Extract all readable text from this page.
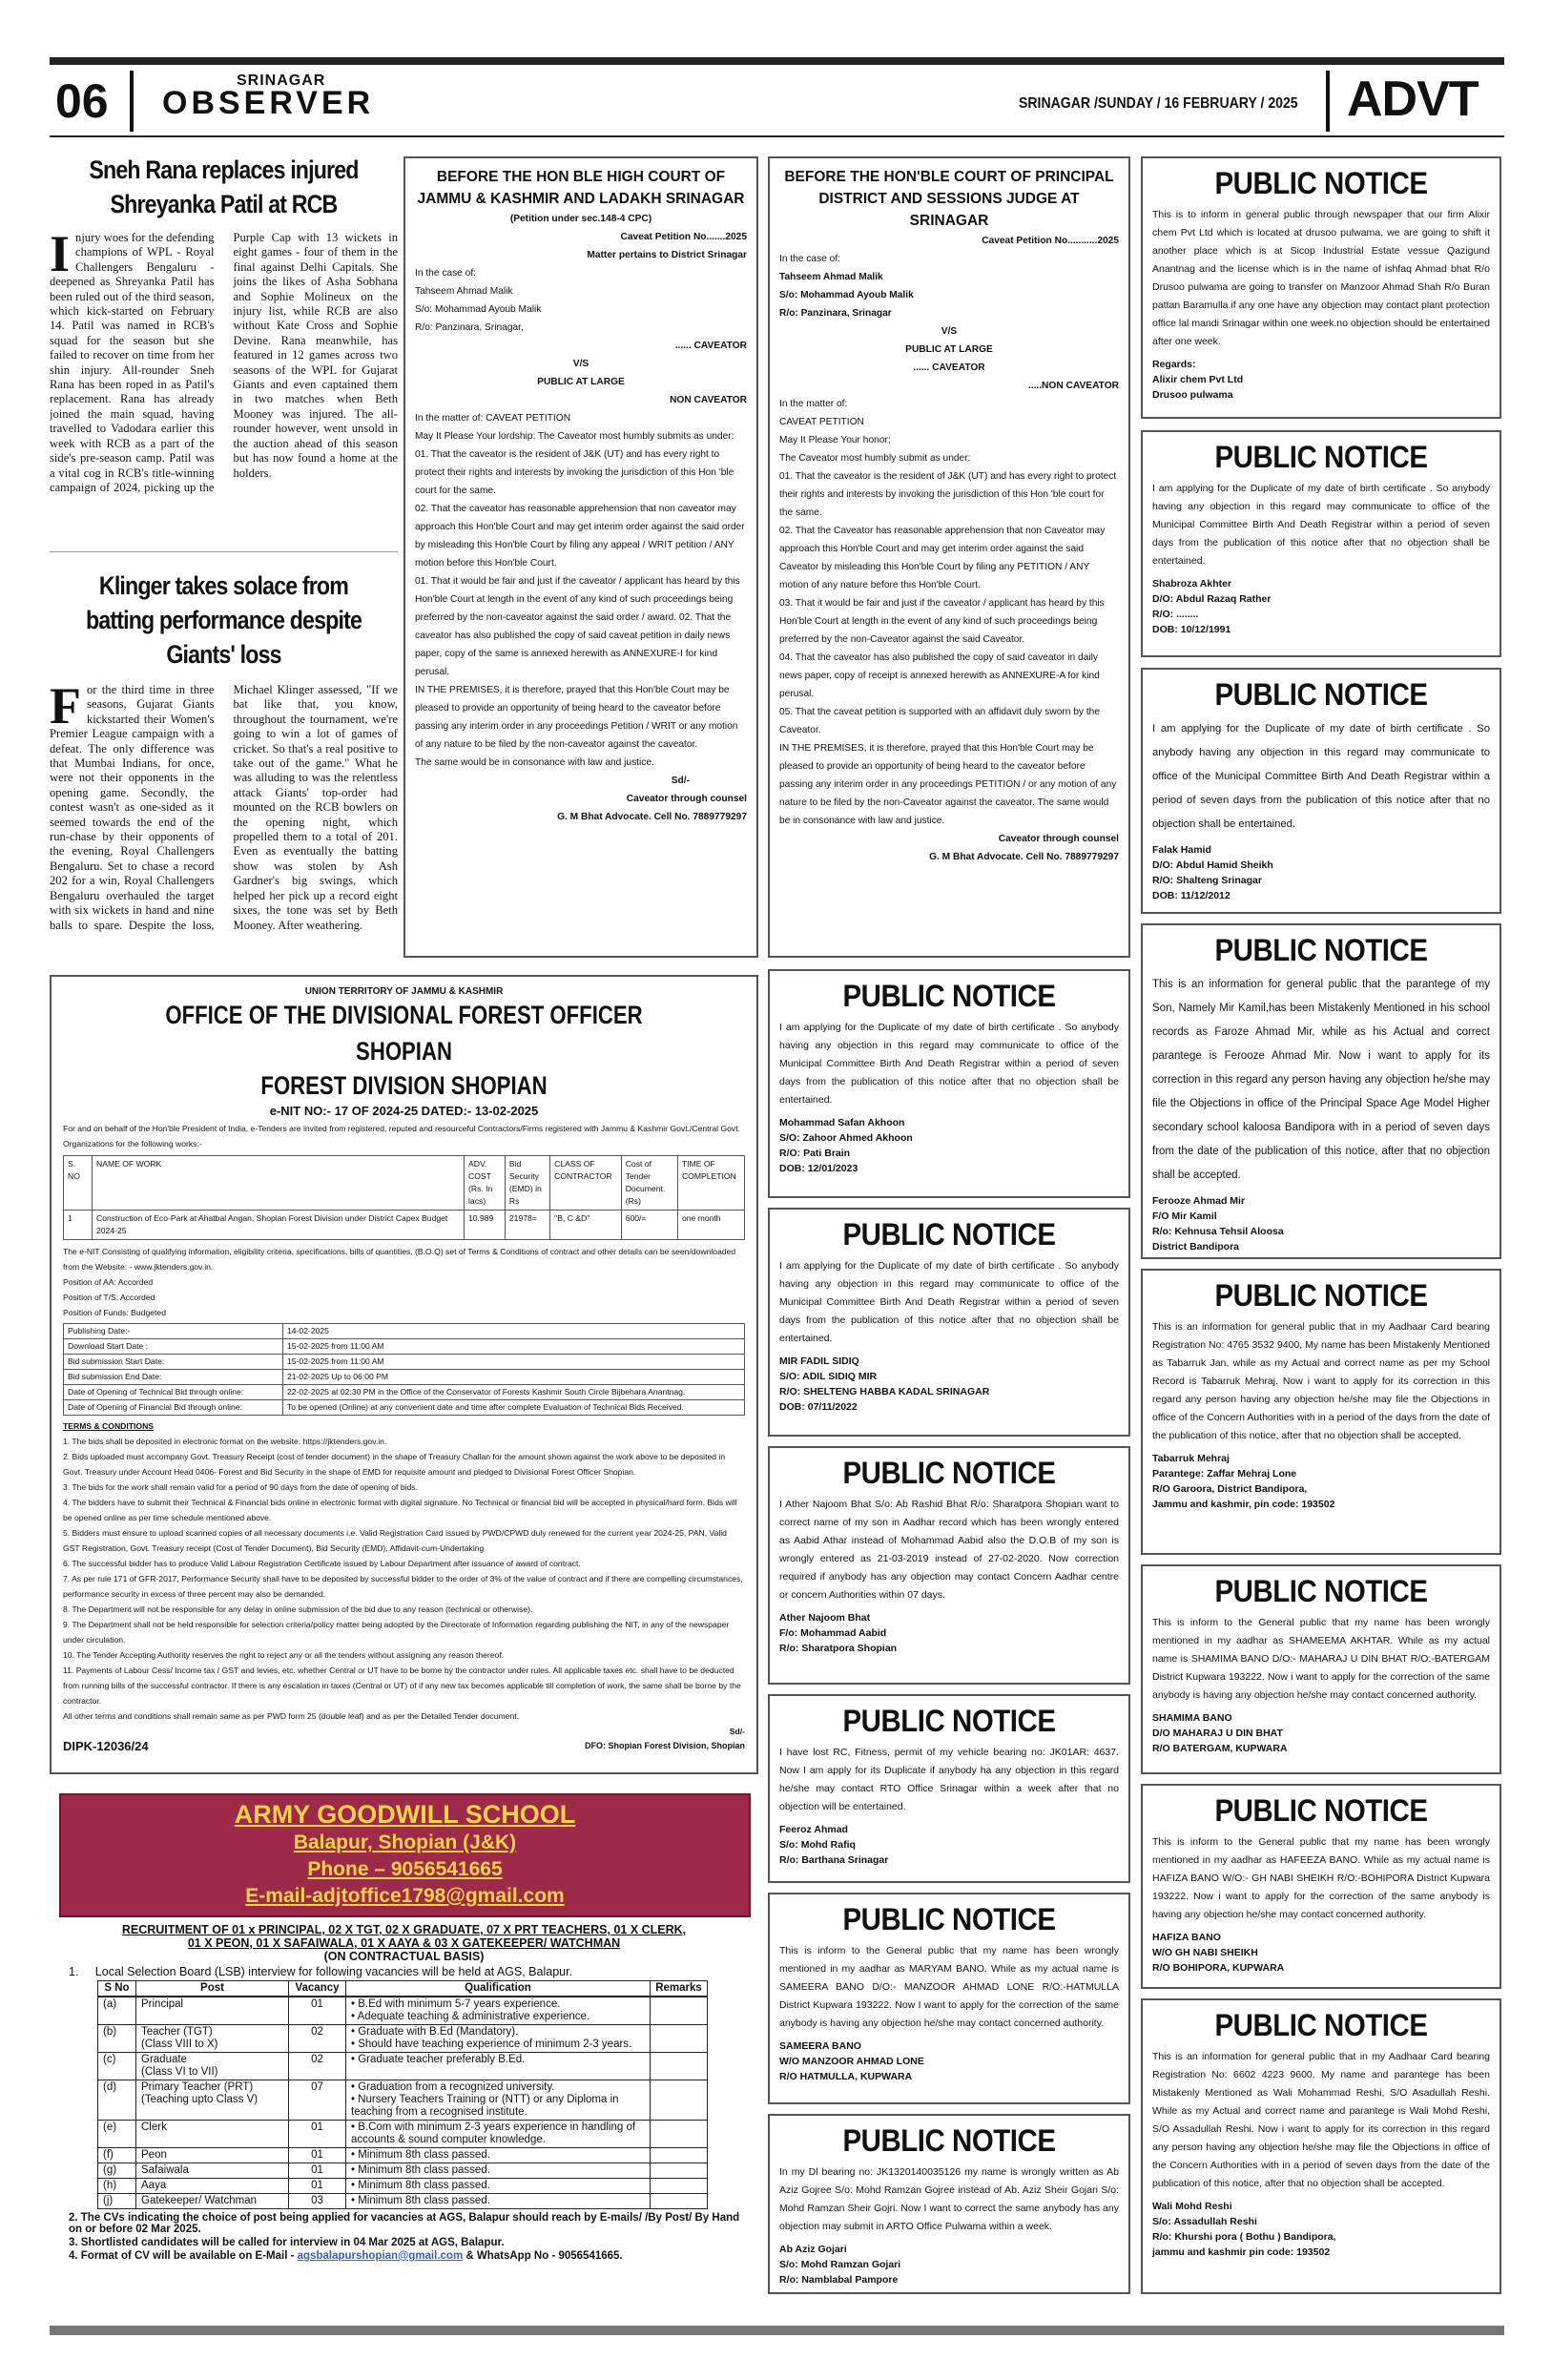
06	SRINAGAR
OBSERVER	SRINAGAR /SUNDAY / 16 FEBRUARY / 2025 ADVT
Sneh Rana replaces injured Shreyanka Patil at RCB
Injury woes for the defending champions of WPL - Royal Challengers Bengaluru - deepened as Shreyanka Patil has been ruled out of the third season, which kick-started on February 14. Patil was named in RCB's squad for the season but she failed to recover on time from her shin injury. All-rounder Sneh Rana has been roped in as Patil's replacement. Rana has already joined the main squad, having travelled to Vadodara earlier this week with RCB as a part of the side's pre-season camp. Patil was a vital cog in RCB's title-winning campaign of 2024, picking up the Purple Cap with 13 wickets in eight games - four of them in the final against Delhi Capitals. She joins the likes of Asha Sobhana and Sophie Molineux on the injury list, while RCB are also without Kate Cross and Sophie Devine. Rana meanwhile, has featured in 12 games across two seasons of the WPL for Gujarat Giants and even captained them in two matches when Beth Mooney was injured. The all-rounder however, went unsold in the auction ahead of this season but has now found a home at the holders.
Klinger takes solace from batting performance despite Giants' loss
For the third time in three seasons, Gujarat Giants kickstarted their Women's Premier League campaign with a defeat. The only difference was that Mumbai Indians, for once, were not their opponents in the opening game. Secondly, the contest wasn't as one-sided as it seemed towards the end of the run-chase by their opponents of the evening, Royal Challengers Bengaluru. Set to chase a record 202 for a win, Royal Challengers Bengaluru overhauled the target with six wickets in hand and nine balls to spare. Despite the loss, Michael Klinger assessed, "If we bat like that, you know, throughout the tournament, we're going to win a lot of games of cricket. So that's a real positive to take out of the game." What he was alluding to was the relentless attack Giants' top-order had mounted on the RCB bowlers on the opening night, which propelled them to a total of 201. Even as eventually the batting show was stolen by Ash Gardner's big swings, which helped her pick up a record eight sixes, the tone was set by Beth Mooney. After weathering.
BEFORE THE HON BLE HIGH COURT OF JAMMU & KASHMIR AND LADAKH SRINAGAR
(Petition under sec.148-4 CPC)
Caveat Petition No.......2025
Matter pertains to District Srinagar
In the case of:
Tahseem Ahmad Malik
S/o: Mohammad Ayoub Malik
R/o: Panzinara, Srinagar,
...... CAVEATOR
V/S
PUBLIC AT LARGE
NON CAVEATOR
In the matter of: CAVEAT PETITION
May It Please Your lordship: The Caveator most humbly submits as under:
01. That the caveator is the resident of J&K (UT) and has every right to protect their rights and interests by invoking the jurisdiction of this Hon 'ble court for the same.
02. That the caveator has reasonable apprehension that non caveator may approach this Hon'ble Court and may get interim order against the said order by misleading this Hon'ble Court by filing any appeal / WRIT petition / ANY motion before this Hon'ble Court.
01. That it would be fair and just if the caveator / applicant has heard by this Hon'ble Court at length in the event of any kind of such proceedings being preferred by the non-caveator against the said order / award. 02. That the caveator has also published the copy of said caveat petition in daily news paper, copy of the same is annexed herewith as ANNEXURE-I for kind perusal.
IN THE PREMISES, it is therefore, prayed that this Hon'ble Court may be pleased to provide an opportunity of being heard to the caveator before passing any interim order in any proceedings Petition / WRIT or any motion of any nature to be filed by the non-caveator against the caveator.
The same would be in consonance with law and justice.
Sd/-
Caveator through counsel
G. M Bhat Advocate. Cell No. 7889779297
BEFORE THE HON'BLE COURT OF PRINCIPAL DISTRICT AND SESSIONS JUDGE AT SRINAGAR
Caveat Petition No...........2025
In the case of:
Tahseem Ahmad Malik
S/o: Mohammad Ayoub Malik
R/o: Panzinara, Srinagar
V/S
PUBLIC AT LARGE
...... CAVEATOR
.....NON CAVEATOR
In the matter of:
CAVEAT PETITION
May It Please Your honor;
The Caveator most humbly submit as under:
01. That the caveator is the resident of J&K (UT) and has every right to protect their rights and interests by invoking the jurisdiction of this Hon 'ble court for the same.
02. That the Caveator has reasonable apprehension that non Caveator may approach this Hon'ble Court and may get interim order against the said Caveator by misleading this Hon'ble Court by filing any PETITION / ANY motion of any nature before this Hon'ble Court.
03. That it would be fair and just if the caveator / applicant has heard by this Hon'ble Court at length in the event of any kind of such proceedings being preferred by the non-Caveator against the said Caveator.
04. That the caveator has also published the copy of said caveator in daily news paper, copy of receipt is annexed herewith as ANNEXURE-A for kind perusal.
05. That the caveat petition is supported with an affidavit duly sworn by the Caveator.
IN THE PREMISES, it is therefore, prayed that this Hon'ble Court may be pleased to provide an opportunity of being heard to the caveator before passing any interim order in any proceedings PETITION / or any motion of any nature to be filed by the non-Caveator against the caveator. The same would be in consonance with law and justice.
Caveator through counsel
G. M Bhat Advocate. Cell No. 7889779297
PUBLIC NOTICE
This is to inform in general public through newspaper that our firm Alixir chem Pvt Ltd which is located at drusoo pulwama, we are going to shift it another place which is at Sicop Industrial Estate vessue Qazigund Anantnag and the license which is in the name of ishfaq Ahmad bhat R/o Drusoo pulwama are going to transfer on Manzoor Ahmad Shah R/o Buran pattan Baramulla.if any one have any objection may contact plant protection office lal mandi Srinagar within one week.no objection should be entertained after one week.
Regards:
Alixir chem Pvt Ltd
Drusoo pulwama
PUBLIC NOTICE
I am applying for the Duplicate of my date of birth certificate . So anybody having any objection in this regard may communicate to office of the Municipal Committee Birth And Death Registrar within a period of seven days from the publication of this notice after that no objection shall be entertained.
Shabroza Akhter
D/O: Abdul Razaq Rather
R/O: ........
DOB: 10/12/1991
PUBLIC NOTICE
I am applying for the Duplicate of my date of birth certificate . So anybody having any objection in this regard may communicate to office of the Municipal Committee Birth And Death Registrar within a period of seven days from the publication of this notice after that no objection shall be entertained.
Falak Hamid
D/O: Abdul Hamid Sheikh
R/O: Shalteng Srinagar
DOB: 11/12/2012
PUBLIC NOTICE
This is an information for general public that the parantege of my Son, Namely Mir Kamil,has been Mistakenly Mentioned in his school records as Faroze Ahmad Mir, while as his Actual and correct parantege is Ferooze Ahmad Mir. Now i want to apply for its correction in this regard any person having any objection he/she may file the Objections in office of the Principal Space Age Model Higher secondary school kaloosa Bandipora with in a period of seven days from the date of the publication of this notice, after that no objection shall be accepted.
Ferooze Ahmad Mir
F/O Mir Kamil
R/o: Kehnusa Tehsil Aloosa
District Bandipora
PUBLIC NOTICE
This is an information for general public that in my Aadhaar Card bearing Registration No: 4765 3532 9400, My name has been Mistakenly Mentioned as Tabarruk Jan, while as my Actual and correct name as per my School Record is Tabarruk Mehraj. Now i want to apply for its correction in this regard any person having any objection he/she may file the Objections in office of the Concern Authorities with in a period of the days from the date of the publication of this notice, after that no objection shall be accepted.
Tabarruk Mehraj
Parantege: Zaffar Mehraj Lone
R/O Garoora, District Bandipora,
Jammu and kashmir, pin code: 193502
PUBLIC NOTICE
This is inform to the General public that my name has been wrongly mentioned in my aadhar as SHAMEEMA AKHTAR. While as my actual name is SHAMIMA BANO D/O:- MAHARAJ U DIN BHAT R/O:-BATERGAM District Kupwara 193222. Now i want to apply for the correction of the same anybody is having any objection he/she may contact concerned authority.
SHAMIMA BANO
D/O MAHARAJ U DIN BHAT
R/O BATERGAM, KUPWARA
PUBLIC NOTICE
This is inform to the General public that my name has been wrongly mentioned in my aadhar as HAFEEZA BANO. While as my actual name is HAFIZA BANO W/O:- GH NABI SHEIKH R/O:-BOHIPORA District Kupwara 193222. Now i want to apply for the correction of the same anybody is having any objection he/she may contact concerned authority.
HAFIZA BANO
W/O GH NABI SHEIKH
R/O BOHIPORA, KUPWARA
PUBLIC NOTICE
This is an information for general public that in my Aadhaar Card bearing Registration No: 6602 4223 9600. My name and parantege has been Mistakenly Mentioned as Wali Mohammad Reshi, S/O Asadullah Reshi. While as my Actual and correct name and parantege is Wali Mohd Reshi, S/O Assadullah Reshi. Now i want to apply for its correction in this regard any person having any objection he/she may file the Objections in office of the Concern Authorities with in a period of seven days from the date of the publication of this notice, after that no objection shall be accepted.
Wali Mohd Reshi
S/o: Assadullah Reshi
R/o: Khurshi pora ( Bothu ) Bandipora,
jammu and kashmir pin code: 193502
PUBLIC NOTICE
I am applying for the Duplicate of my date of birth certificate . So anybody having any objection in this regard may communicate to office of the Municipal Committee Birth And Death Registrar within a period of seven days from the publication of this notice after that no objection shall be entertained.
Mohammad Safan Akhoon
S/O: Zahoor Ahmed Akhoon
R/O: Pati Brain
DOB: 12/01/2023
PUBLIC NOTICE
I am applying for the Duplicate of my date of birth certificate . So anybody having any objection in this regard may communicate to office of the Municipal Committee Birth And Death Registrar within a period of seven days from the publication of this notice after that no objection shall be entertained.
MIR FADIL SIDIQ
S/O: ADIL SIDIQ MIR
R/O: SHELTENG HABBA KADAL SRINAGAR
DOB: 07/11/2022
PUBLIC NOTICE
I Ather Najoom Bhat S/o: Ab Rashid Bhat R/o: Sharatpora Shopian want to correct name of my son in Aadhar record which has been wrongly entered as Aabid Athar instead of Mohammad Aabid also the D.O.B of my son is wrongly entered as 21-03-2019 instead of 27-02-2020. Now correction required if anybody has any objection may contact Concern Aadhar centre or concern Authorities within 07 days.
Ather Najoom Bhat
F/o: Mohammad Aabid
R/o: Sharatpora Shopian
PUBLIC NOTICE
I have lost RC, Fitness, permit of my vehicle bearing no: JK01AR: 4637. Now I am apply for its Duplicate if anybody ha any objection in this regard he/she may contact RTO Office Srinagar within a week after that no objection will be entertained.
Feeroz Ahmad
S/o: Mohd Rafiq
R/o: Barthana Srinagar
PUBLIC NOTICE
This is inform to the General public that my name has been wrongly mentioned in my aadhar as MARYAM BANO. While as my actual name is SAMEERA BANO D/O:- MANZOOR AHMAD LONE R/O:-HATMULLA District Kupwara 193222. Now I want to apply for the correction of the same anybody is having any objection he/she may contact concerned authority.
SAMEERA BANO
W/O MANZOOR AHMAD LONE
R/O HATMULLA, KUPWARA
PUBLIC NOTICE
In my Dl bearing no: JK1320140035126 my name is wrongly written as Ab Aziz Gojree S/o: Mohd Ramzan Gojree instead of Ab. Aziz Sheir Gojari S/o: Mohd Ramzan Sheir Gojri. Now I want to correct the same anybody has any objection may submit in ARTO Office Pulwama within a week.
Ab Aziz Gojari
S/o: Mohd Ramzan Gojari
R/o: Namblabal Pampore
UNION TERRITORY OF JAMMU & KASHMIR
OFFICE OF THE DIVISIONAL FOREST OFFICER SHOPIAN
FOREST DIVISION SHOPIAN
e-NIT NO:- 17 OF 2024-25 DATED:- 13-02-2025
For and on behalf of the Hon'ble President of India, e-Tenders are invited from registered, reputed and resourceful Contractors/Firms registered with Jammu & Kashmir Govt./Central Govt. Organizations for the following works:-
S. NO	NAME OF WORK	ADV. COST (Rs. In lacs)	Bid Security (EMD) in Rs	CLASS OF CONTRACTOR	Cost of Tender Document. (Rs)	TIME OF COMPLETION
1	Construction of Eco-Park at Ahatbal Angan, Shopian Forest Division under District Capex Budget 2024-25	10.989	21978=	"B, C &D"	600/=	one month
The e-NIT Consisting of qualifying information, eligibility criteria, specifications, bills of quantities, (B.O.Q) set of Terms & Conditions of contract and other details can be seen/downloaded from the Website: - www.jktenders.gov.in.
Position of AA: Accorded
Position of T/S: Accorded
Position of Funds: Budgeted
Publishing Date:-	14-02-2025
Download Start Date :	15-02-2025 from 11:00 AM
Bid submission Start Date:	15-02-2025 from 11:00 AM
Bid submission End Date:	21-02-2025 Up to 06:00 PM
Date of Opening of Technical Bid through online:	22-02-2025 at 02:30 PM in the Office of the Conservator of Forests Kashmir South Circle Bijbehara Anantnag.
Date of Opening of Financial Bid through online:	To be opened (Online) at any convenient date and time after complete Evaluation of Technical Bids Received.
TERMS & CONDITIONS
1. The bids shall be deposited in electronic format on the website: https://jktenders.gov.in.
2. Bids uploaded must accompany Govt. Treasury Receipt (cost of tender document) in the shape of Treasury Challan for the amount shown against the work above to be deposited in Govt. Treasury under Account Head 0406- Forest and Bid Security in the shape of EMD for requisite amount and pledged to Divisional Forest Officer Shopian.
3. The bids for the work shall remain valid for a period of 90 days from the date of opening of bids.
4. The bidders have to submit their Technical & Financial bids online in electronic format with digital signature. No Technical or financial bid will be accepted in physical/hard form. Bids will be opened online as per time schedule mentioned above.
5. Bidders must ensure to upload scanned copies of all necessary documents i.e. Valid Registration Card issued by PWD/CPWD duly renewed for the current year 2024-25, PAN, Valid GST Registration, Govt. Treasury receipt (Cost of Tender Document), Bid Security (EMD), Affidavit-cum-Undertaking
6. The successful bidder has to produce Valid Labour Registration Certificate issued by Labour Department after issuance of award of contract.
7. As per rule 171 of GFR-2017, Performance Security shall have to be deposited by successful bidder to the order of 3% of the value of contract and if there are compelling circumstances, performance security in excess of three percent may also be demanded.
8. The Department will not be responsible for any delay in online submission of the bid due to any reason (technical or otherwise).
9. The Department shall not be held responsible for selection criteria/policy matter being adopted by the Directorate of Information regarding publishing the NIT, in any of the newspaper under circulation.
10. The Tender Accepting Authority reserves the right to reject any or all the tenders without assigning any reason thereof.
11. Payments of Labour Cess/ Income tax / GST and levies, etc. whether Central or UT have to be borne by the contractor under rules. All applicable taxes etc. shall have to be deducted from running bills of the successful contractor. If there is any escalation in taxes (Central or UT) of if any new tax becomes applicable till completion of work, the same shall be borne by the contractor.
All other terms and conditions shall remain same as per PWD form 25 (double leaf) and as per the Detailed Tender document.
Sd/-
DIPK-12036/24	DFO: Shopian Forest Division, Shopian
ARMY GOODWILL SCHOOL
Balapur, Shopian (J&K)
Phone – 9056541665
E-mail-adjtoffice1798@gmail.com
RECRUITMENT OF 01 x PRINCIPAL, 02 X TGT, 02 X GRADUATE, 07 X PRT TEACHERS, 01 X CLERK,
01 X PEON, 01 X SAFAIWALA, 01 X AAYA & 03 X GATEKEEPER/ WATCHMAN
(ON CONTRACTUAL BASIS)
1.     Local Selection Board (LSB) interview for following vacancies will be held at AGS, Balapur.
S No	Post	Vacancy	Qualification	Remarks
(a)	Principal	01	• B.Ed with minimum 5-7 years experience.
• Adequate teaching & administrative experience.	
(b)	Teacher (TGT)
(Class VIII to X)	02	• Graduate with B.Ed (Mandatory).
• Should have teaching experience of minimum 2-3 years.	
(c)	Graduate
(Class VI to VII)	02	• Graduate teacher preferably B.Ed.	
(d)	Primary Teacher (PRT)
(Teaching upto Class V)	07	• Graduation from a recognized university.
• Nursery Teachers Training or (NTT) or any Diploma in teaching from a recognised institute.	
(e)	Clerk	01	• B.Com with minimum 2-3 years experience in handling of accounts & sound computer knowledge.	
(f)	Peon	01	• Minimum 8th class passed.	
(g)	Safaiwala	01	• Minimum 8th class passed.	
(h)	Aaya	01	• Minimum 8th class passed.	
(j)	Gatekeeper/ Watchman	03	• Minimum 8th class passed.	
2. The CVs indicating the choice of post being applied for vacancies at AGS, Balapur should reach by E-mails/ /By Post/ By Hand on or before 02 Mar 2025.
3. Shortlisted candidates will be called for interview in 04 Mar 2025 at AGS, Balapur.
4. Format of CV will be available on E-Mail - agsbalapurshopian@gmail.com & WhatsApp No - 9056541665.
